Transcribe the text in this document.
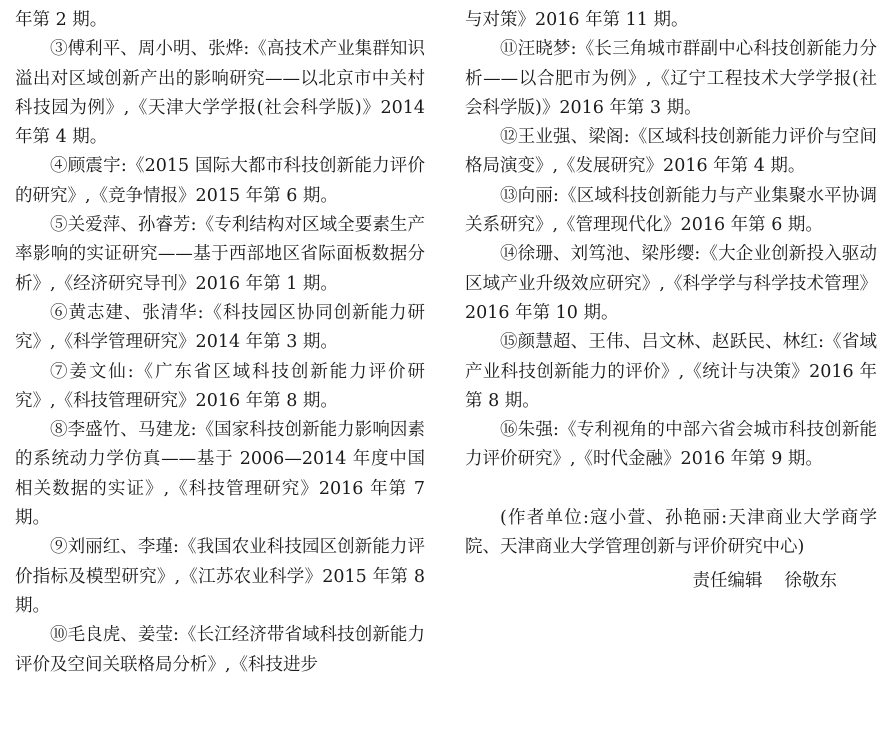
年第 2 期。

③傅利平、周小明、张烨:《高技术产业集群知识溢出对区域创新产出的影响研究——以北京市中关村科技园为例》,《天津大学学报(社会科学版)》2014 年第 4 期。

④顾震宇:《2015 国际大都市科技创新能力评价的研究》,《竞争情报》2015 年第 6 期。

⑤关爱萍、孙睿芳:《专利结构对区域全要素生产率影响的实证研究——基于西部地区省际面板数据分析》,《经济研究导刊》2016 年第 1 期。

⑥黄志建、张清华:《科技园区协同创新能力研究》,《科学管理研究》2014 年第 3 期。

⑦姜文仙:《广东省区域科技创新能力评价研究》,《科技管理研究》2016 年第 8 期。

⑧李盛竹、马建龙:《国家科技创新能力影响因素的系统动力学仿真——基于 2006—2014 年度中国相关数据的实证》,《科技管理研究》2016 年第 7 期。

⑨刘丽红、李瑾:《我国农业科技园区创新能力评价指标及模型研究》,《江苏农业科学》2015 年第 8 期。

⑩毛良虎、姜莹:《长江经济带省域科技创新能力评价及空间关联格局分析》,《科技进步

与对策》2016 年第 11 期。

⑪汪晓梦:《长三角城市群副中心科技创新能力分析——以合肥市为例》,《辽宁工程技术大学学报(社会科学版)》2016 年第 3 期。

⑫王业强、梁阁:《区域科技创新能力评价与空间格局演变》,《发展研究》2016 年第 4 期。

⑬向丽:《区域科技创新能力与产业集聚水平协调关系研究》,《管理现代化》2016 年第 6 期。

⑭徐珊、刘笃池、梁彤缨:《大企业创新投入驱动区域产业升级效应研究》,《科学学与科学技术管理》2016 年第 10 期。

⑮颜慧超、王伟、吕文林、赵跃民、林红:《省域产业科技创新能力的评价》,《统计与决策》2016 年第 8 期。

⑯朱强:《专利视角的中部六省会城市科技创新能力评价研究》,《时代金融》2016 年第 9 期。

(作者单位:寇小萱、孙艳丽:天津商业大学商学院、天津商业大学管理创新与评价研究中心)

责任编辑 徐敬东
